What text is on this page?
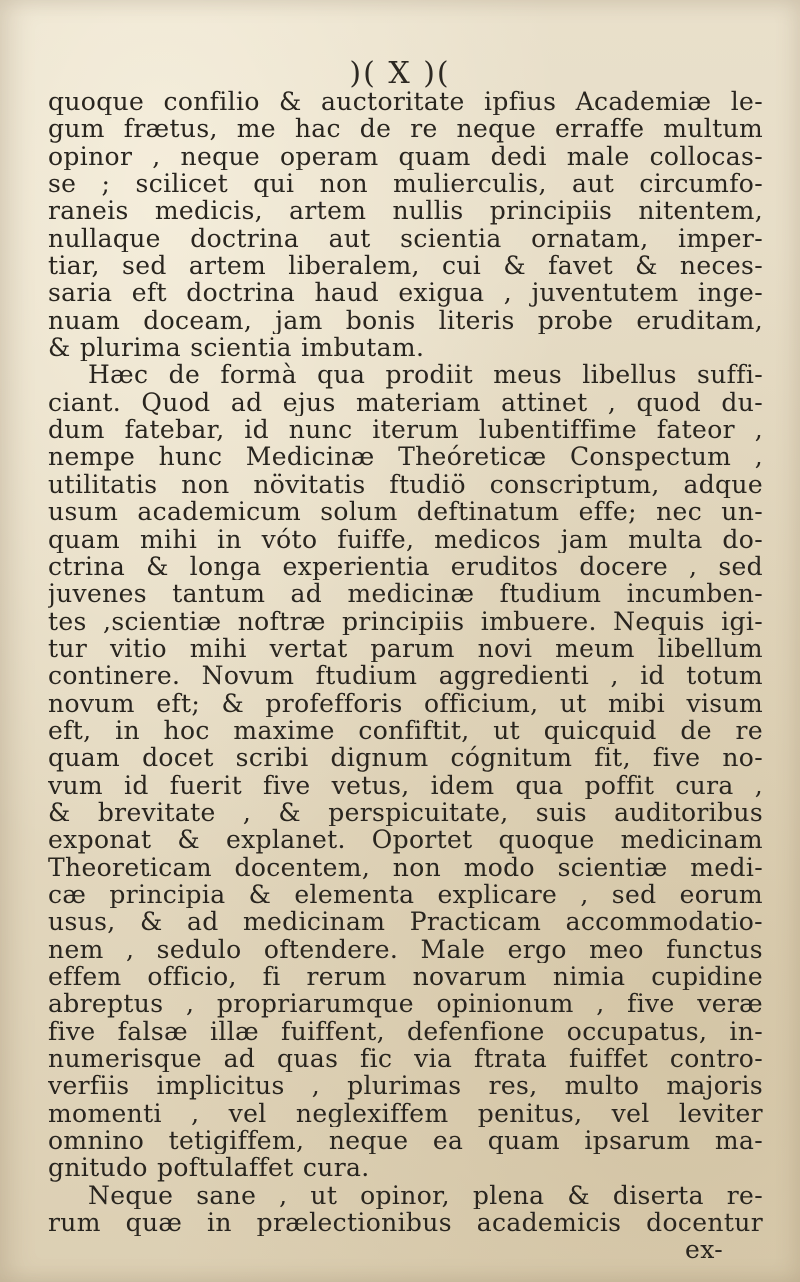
)( X )(
quoque confilio & auctoritate ipfius Academiæ le-
gum frætus, me hac de re neque erraffe multum
opinor , neque operam quam dedi male collocas-
se ; scilicet qui non mulierculis, aut circumfo-
raneis medicis, artem nullis principiis nitentem,
nullaque doctrina aut scientia ornatam, imper-
tiar, sed artem liberalem, cui & favet & neces-
saria eft doctrina haud exigua , juventutem inge-
nuam doceam, jam bonis literis probe eruditam,
& plurima scientia imbutam.
Hæc de formà qua prodiit meus libellus suffi-
ciant. Quod ad ejus materiam attinet , quod du-
dum fatebar, id nunc iterum lubentiffime fateor ,
nempe hunc Medicinæ Theóreticæ Conspectum ,
utilitatis non növitatis ftudiö conscriptum, adque
usum academicum solum deftinatum effe; nec un-
quam mihi in vóto fuiffe, medicos jam multa do-
ctrina & longa experientia eruditos docere , sed
juvenes tantum ad medicinæ ftudium incumben-
tes ,scientiæ noftræ principiis imbuere. Nequis igi-
tur vitio mihi vertat parum novi meum libellum
continere. Novum ftudium aggredienti , id totum
novum eft; & profefforis officium, ut mibi visum
eft, in hoc maxime confiftit, ut quicquid de re
quam docet scribi dignum cógnitum fit, five no-
vum id fuerit five vetus, idem qua poffit cura ,
& brevitate , & perspicuitate, suis auditoribus
exponat & explanet. Oportet quoque medicinam
Theoreticam docentem, non modo scientiæ medi-
cæ principia & elementa explicare , sed eorum
usus, & ad medicinam Practicam accommodatio-
nem , sedulo oftendere. Male ergo meo functus
effem officio, fi rerum novarum nimia cupidine
abreptus , propriarumque opinionum , five veræ
five falsæ illæ fuiffent, defenfione occupatus, in-
numerisque ad quas fic via ftrata fuiffet contro-
verfiis implicitus , plurimas res, multo majoris
momenti , vel neglexiffem penitus, vel leviter
omnino tetigiffem, neque ea quam ipsarum ma-
gnitudo poftulaffet cura.
Neque sane , ut opinor, plena & diserta re-
rum quæ in prælectionibus academicis docentur
ex-
